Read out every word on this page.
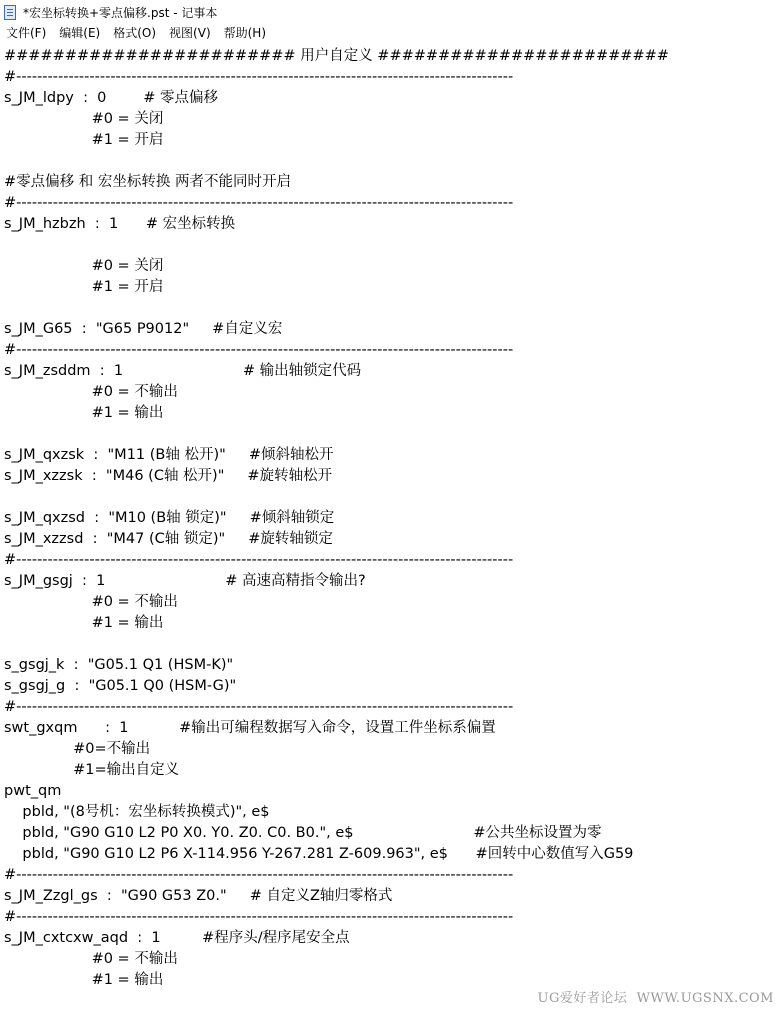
*宏坐标转换+零点偏移.pst - 记事本
文件(F)	编辑(E)	格式(O)	视图(V)	帮助(H)
######################## 用户自定义 ########################
#-----------------------------------------------------------------------------------------------
s_JM_ldpy  :  0        # 零点偏移
#0 = 关闭
#1 = 开启
#零点偏移 和 宏坐标转换 两者不能同时开启
#-----------------------------------------------------------------------------------------------
s_JM_hzbzh  :  1      # 宏坐标转换
#0 = 关闭
#1 = 开启
s_JM_G65  :  "G65 P9012"     #自定义宏
#-----------------------------------------------------------------------------------------------
s_JM_zsddm  :  1                          # 输出轴锁定代码
#0 = 不输出
#1 = 输出
s_JM_qxzsk  :  "M11 (B轴 松开)"     #倾斜轴松开
s_JM_xzzsk  :  "M46 (C轴 松开)"     #旋转轴松开
s_JM_qxzsd  :  "M10 (B轴 锁定)"     #倾斜轴锁定
s_JM_xzzsd  :  "M47 (C轴 锁定)"     #旋转轴锁定
#-----------------------------------------------------------------------------------------------
s_JM_gsgj  :  1                          # 高速高精指令输出?
#0 = 不输出
#1 = 输出
s_gsgj_k  :  "G05.1 Q1 (HSM-K)"
s_gsgj_g  :  "G05.1 Q0 (HSM-G)"
#-----------------------------------------------------------------------------------------------
swt_gxqm      :  1           #输出可编程数据写入命令，设置工件坐标系偏置
#0=不输出
#1=输出自定义
pwt_qm
pbld, "(8号机：宏坐标转换模式)", e$
pbld, "G90 G10 L2 P0 X0. Y0. Z0. C0. B0.", e$                          #公共坐标设置为零
pbld, "G90 G10 L2 P6 X-114.956 Y-267.281 Z-609.963", e$      #回转中心数值写入G59
#-----------------------------------------------------------------------------------------------
s_JM_Zzgl_gs  :  "G90 G53 Z0."     # 自定义Z轴归零格式
#-----------------------------------------------------------------------------------------------
s_JM_cxtcxw_aqd  :  1         #程序头/程序尾安全点
#0 = 不输出
#1 = 输出
UG爱好者论坛  WWW.UGSNX.COM
